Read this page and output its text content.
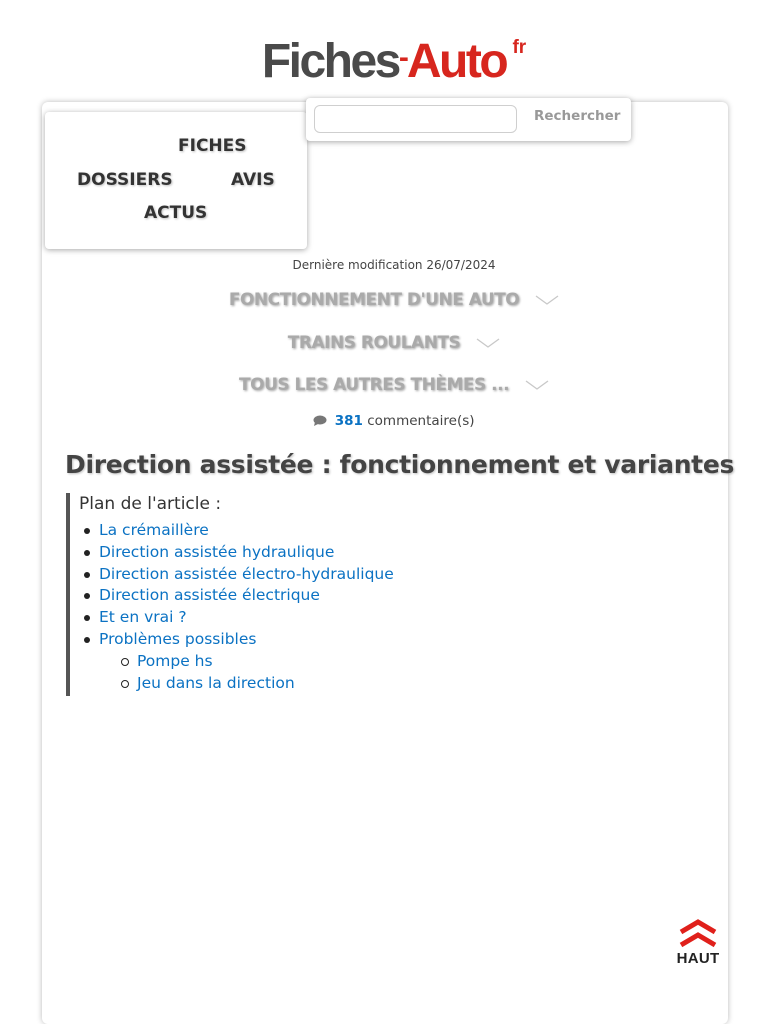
Fiches-Auto fr
FICHES
DOSSIERS	AVIS
ACTUS
Rechercher
Dernière modification 26/07/2024
FONCTIONNEMENT D'UNE AUTO
TRAINS ROULANTS
TOUS LES AUTRES THÈMES ...
381 commentaire(s)
Direction assistée : fonctionnement et variantes
Plan de l'article :
La crémaillère
Direction assistée hydraulique
Direction assistée électro-hydraulique
Direction assistée électrique
Et en vrai ?
Problèmes possibles
Pompe hs
Jeu dans la direction
HAUT
